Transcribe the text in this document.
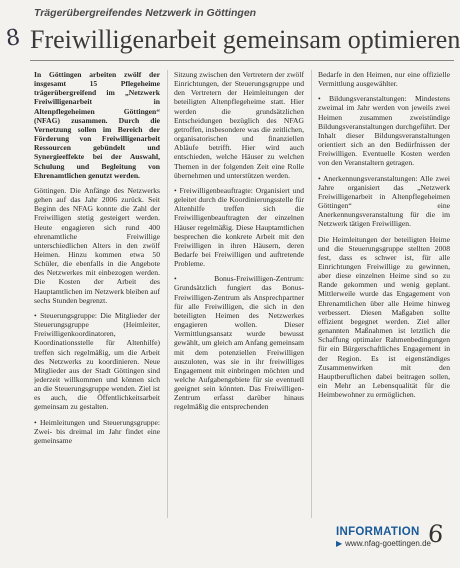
Trägerübergreifendes Netzwerk in Göttingen
8 Freiwilligenarbeit gemeinsam optimieren

In Göttingen arbeiten zwölf der insgesamt 15 Pflegeheime trägerübergreifend im „Netzwerk Freiwilligenarbeit in Altenpflegeheimen Göttingen“ (NFAG) zusammen. Durch die Vernetzung sollen im Bereich der Förderung von Freiwilligenarbeit Ressourcen gebündelt und Synergieeffekte bei der Auswahl, Schulung und Begleitung von Ehrenamtlichen genutzt werden.

Göttingen. Die Anfänge des Netzwerks gehen auf das Jahr 2006 zurück. Seit Beginn des NFAG konnte die Zahl der Freiwilligen stetig gesteigert werden. Heute engagieren sich rund 400 ehrenamtliche Freiwillige unterschiedlichen Alters in den zwölf Heimen. Hinzu kommen etwa 50 Schüler, die ebenfalls in die Angebote des Netzwerkes mit einbezogen werden. Die Kosten der Arbeit des Hauptamtlichen im Netzwerk bleiben auf sechs Stunden begrenzt.

• Steuerungsgruppe: Die Mitglieder der Steuerungsgruppe (Heimleiter, Freiwilligenkoordinatoren, Koordinationsstelle für Altenhilfe) treffen sich regelmäßig, um die Arbeit des Netzwerks zu koordinieren. Neue Mitglieder aus der Stadt Göttingen sind jederzeit willkommen und können sich an die Steuerungsgruppe wenden. Ziel ist es auch, die Öffentlichkeitsarbeit gemeinsam zu gestalten.

• Heimleitungen und Steuerungsgruppe: Zwei- bis dreimal im Jahr findet eine gemeinsame

Sitzung zwischen den Vertretern der zwölf Einrichtungen, der Steuerungsgruppe und den Vertretern der Heimleitungen der beteiligten Altenpflegeheime statt. Hier werden die grundsätzlichen Entscheidungen bezüglich des NFAG getroffen, insbesondere was die zeitlichen, organisatorischen und finanziellen Abläufe betrifft. Hier wird auch entschieden, welche Häuser zu welchen Themen in der folgenden Zeit eine Rolle übernehmen und unterstützen werden.

• Freiwilligenbeauftragte: Organisiert und geleitet durch die Koordinierungsstelle für Altenhilfe treffen sich die Freiwilligenbeauftragten der einzelnen Häuser regelmäßig. Diese Hauptamtlichen besprechen die konkrete Arbeit mit den Freiwilligen in ihren Häusern, deren Bedarfe bei Freiwilligen und auftretende Probleme.

• Bonus-Freiwilligen-Zentrum: Grundsätzlich fungiert das Bonus-Freiwilligen-Zentrum als Ansprechpartner für alle Freiwilligen, die sich in den beteiligten Heimen des Netzwerkes engagieren wollen. Dieser Vermittlungsansatz wurde bewusst gewählt, um gleich am Anfang gemeinsam mit dem potenziellen Freiwilligen auszuloten, was sie in ihr freiwilliges Engagement mit einbringen möchten und welche Aufgabengebiete für sie eventuell geeignet sein könnten. Das Freiwilligen-Zentrum erfasst darüber hinaus regelmäßig die entsprechenden

Bedarfe in den Heimen, nur eine offizielle Vermittlung ausgewählter.

• Bildungsveranstaltungen: Mindestens zweimal im Jahr werden von jeweils zwei Heimen zusammen zweistündige Bildungsveranstaltungen durchgeführt. Der Inhalt dieser Bildungsveranstaltungen orientiert sich an den Bedürfnissen der Freiwilligen. Eventuelle Kosten werden von den Veranstaltern getragen.

• Anerkennungsveranstaltungen: Alle zwei Jahre organisiert das „Netzwerk Freiwilligenarbeit in Altenpflegeheimen Göttingen“ eine Anerkennungsveranstaltung für die im Netzwerk tätigen Freiwilligen.

Die Heimleitungen der beteiligten Heime und die Steuerungsgruppe stellten 2008 fest, dass es schwer ist, für alle Einrichtungen Freiwillige zu gewinnen, aber diese einzelnen Heime sind so zu Rande gekommen und wenig geplant. Mittlerweile wurde das Engagement von Ehrenamtlichen über alle Heime hinweg verbessert. Diesen Maßgaben sollte effizient begegnet werden. Ziel aller genannten Maßnahmen ist letztlich die Schaffung optimaler Rahmenbedingungen für ein Bürgerschaftliches Engagement in der Region. Es ist eigenständiges Zusammenwirken mit den Hauptberuflichen dabei beitragen sollen, ein Mehr an Lebensqualität für die Heimbewohner zu ermöglichen.

INFORMATION
▶ www.nfag-goettingen.de
6
